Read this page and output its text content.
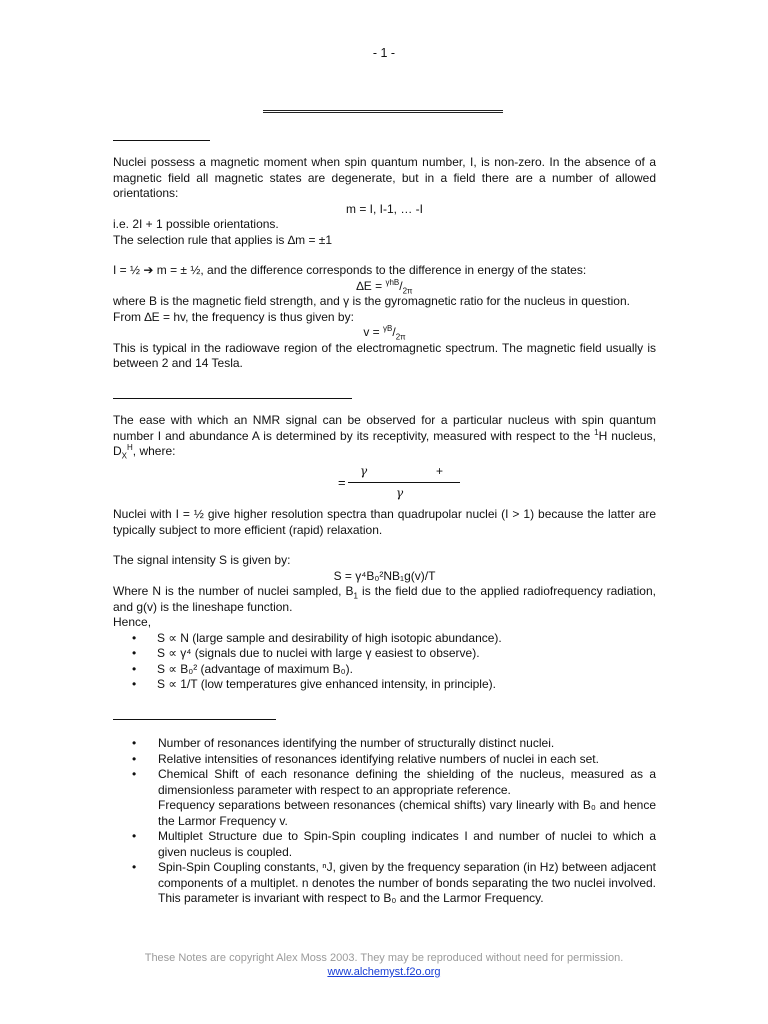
- 1 -

Nuclei possess a magnetic moment when spin quantum number, I, is non-zero. In the absence of a magnetic field all magnetic states are degenerate, but in a field there are a number of allowed orientations:

m = I, I-1, … -I

i.e. 2I + 1 possible orientations.

The selection rule that applies is ∆m = ±1

I = ½ ➔ m = ± ½, and the difference corresponds to the difference in energy of the states:

$\Delta E = ^{\gamma hB}/_{2\pi}$

where B is the magnetic field strength, and γ is the gyromagnetic ratio for the nucleus in question.

From ∆E = hv, the frequency is thus given by:

$v = ^{\gamma B}/_{2\pi}$

This is typical in the radiowave region of the electromagnetic spectrum. The magnetic field usually is between 2 and 14 Tesla.

The ease with which an NMR signal can be observed for a particular nucleus with spin quantum number I and abundance A is determined by its receptivity, measured with respect to the $^1$H nucleus, $D_X^H$, where:

=
γ	+
γ

Nuclei with I = ½ give higher resolution spectra than quadrupolar nuclei (I > 1) because the latter are typically subject to more efficient (rapid) relaxation.

The signal intensity S is given by:

S = γ⁴B₀²NB₁g(v)/T

Where N is the number of nuclei sampled, $B_1$ is the field due to the applied radiofrequency radiation, and g(v) is the lineshape function.

Hence,

• S ∝ N (large sample and desirability of high isotopic abundance).
• S ∝ γ⁴ (signals due to nuclei with large γ easiest to observe).
• S ∝ B₀² (advantage of maximum B₀).
• S ∝ 1/T (low temperatures give enhanced intensity, in principle).
• Number of resonances identifying the number of structurally distinct nuclei.
• Relative intensities of resonances identifying relative numbers of nuclei in each set.
• Chemical Shift of each resonance defining the shielding of the nucleus, measured as a dimensionless parameter with respect to an appropriate reference.

Frequency separations between resonances (chemical shifts) vary linearly with B₀ and hence the Larmor Frequency v.

• Multiplet Structure due to Spin-Spin coupling indicates I and number of nuclei to which a given nucleus is coupled.
• Spin-Spin Coupling constants, ⁿJ, given by the frequency separation (in Hz) between adjacent components of a multiplet. n denotes the number of bonds separating the two nuclei involved. This parameter is invariant with respect to B₀ and the Larmor Frequency.
These Notes are copyright Alex Moss 2003. They may be reproduced without need for permission.
www.alchemyst.f2o.org
